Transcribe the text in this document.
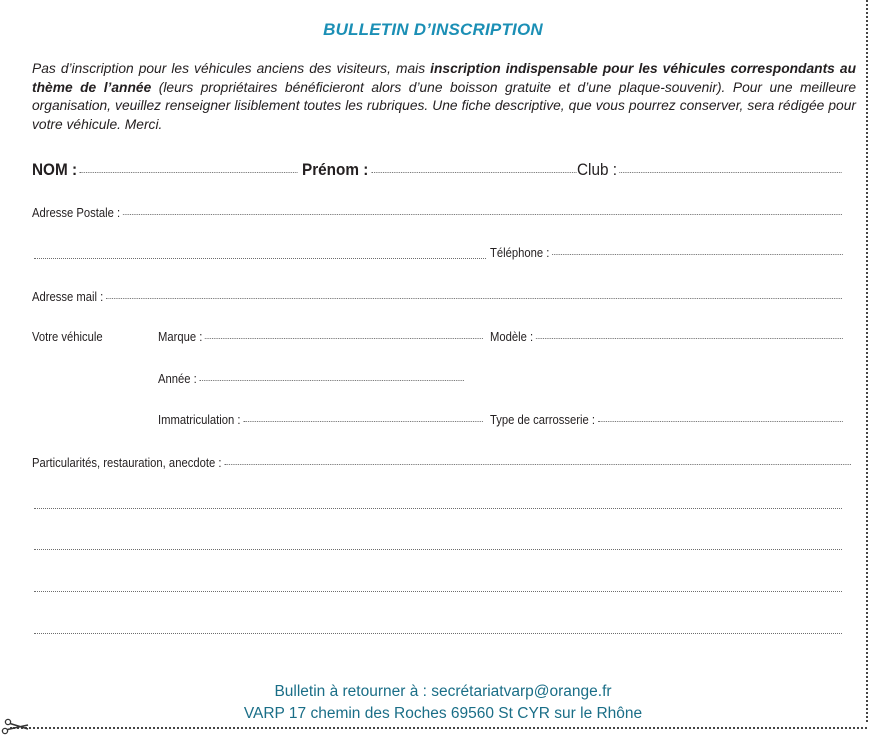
BULLETIN D’INSCRIPTION
Pas d’inscription pour les véhicules anciens des visiteurs, mais inscription indispensable pour les véhicules correspondants au thème de l’année (leurs propriétaires bénéficieront alors d’une boisson gratuite et d’une plaque-souvenir). Pour une meilleure organisation, veuillez renseigner lisiblement toutes les rubriques. Une fiche descriptive, que vous pourrez conserver, sera rédigée pour votre véhicule. Merci.
NOM :	Prénom :	Club :
Adresse Postale :
Téléphone :
Adresse mail :
Votre véhicule	Marque :	Modèle :
Année :
Immatriculation :	Type de carrosserie :
Particularités, restauration, anecdote :
Bulletin à retourner à : secrétariatvarp@orange.fr
VARP 17 chemin des Roches 69560 St CYR sur le Rhône
